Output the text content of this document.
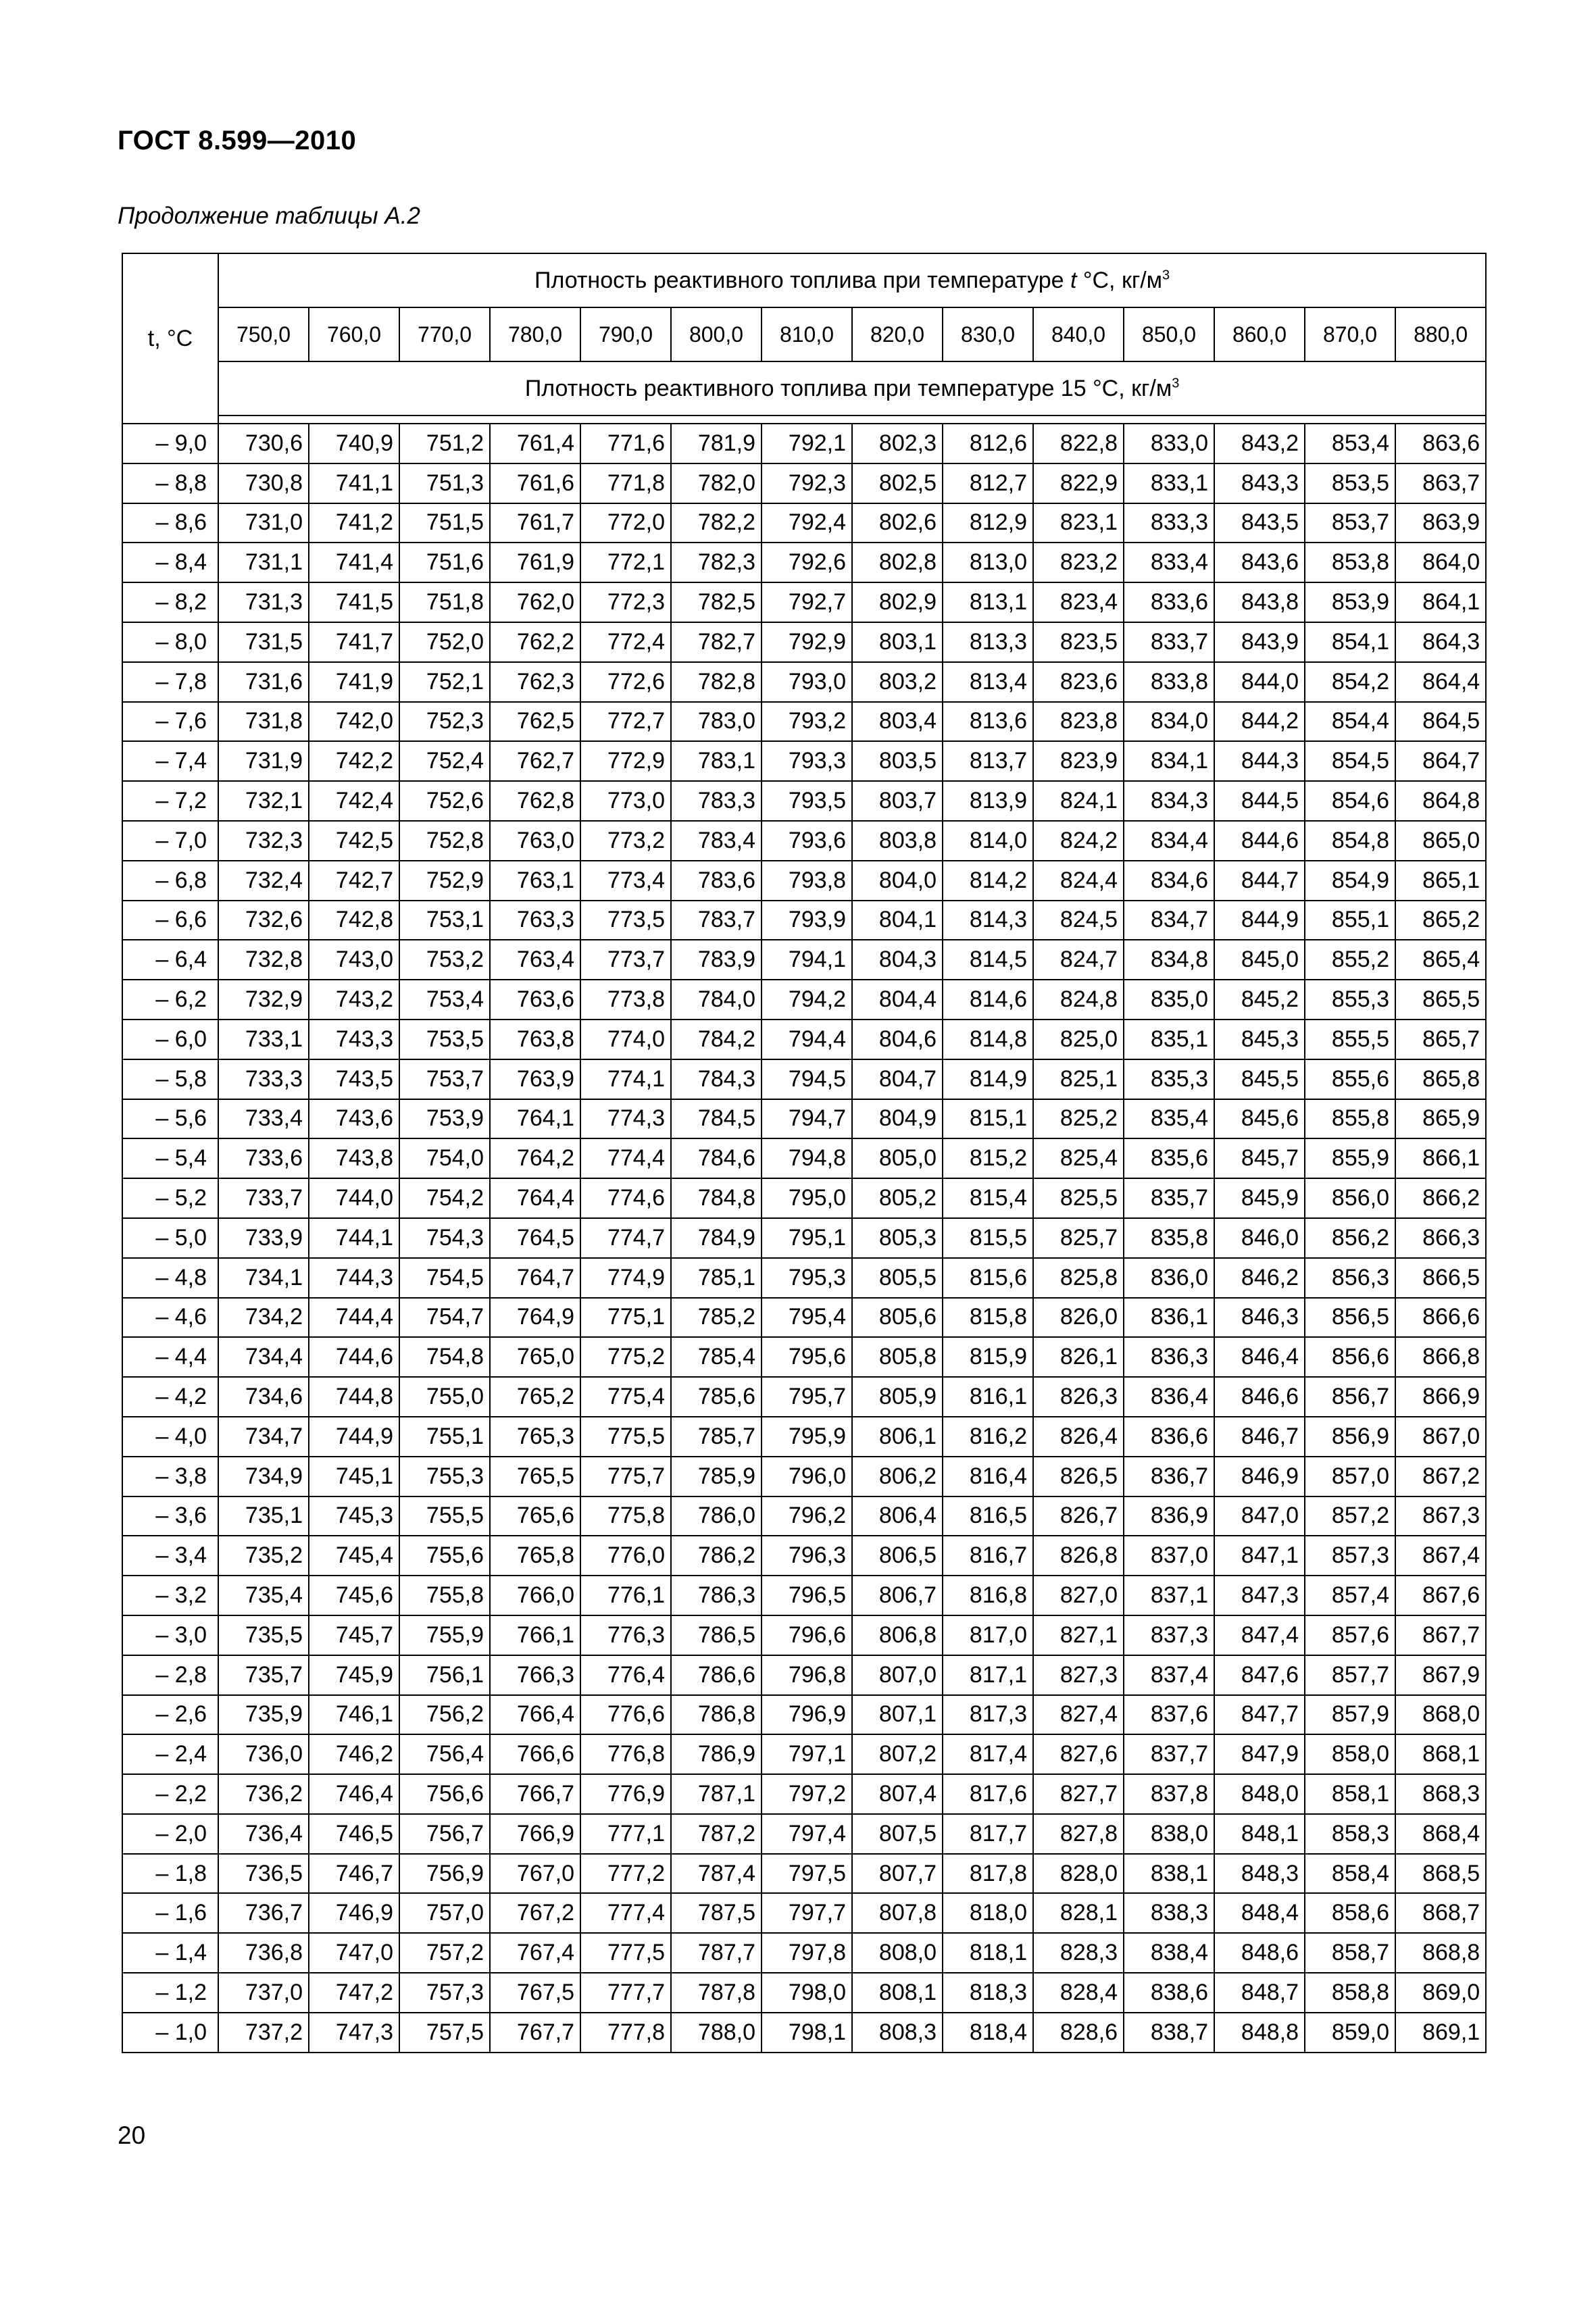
ГОСТ 8.599—2010
Продолжение таблицы А.2
t, °C	Плотность реактивного топлива при температуре t °С, $кг/м^3$
	750,0	760,0	770,0	780,0	790,0	800,0	810,0	820,0	830,0	840,0	850,0	860,0	870,0	880,0
	Плотность реактивного топлива при температуре 15 °С, $кг/м^3$

– 9,0	730,6	740,9	751,2	761,4	771,6	781,9	792,1	802,3	812,6	822,8	833,0	843,2	853,4	863,6
– 8,8	730,8	741,1	751,3	761,6	771,8	782,0	792,3	802,5	812,7	822,9	833,1	843,3	853,5	863,7
– 8,6	731,0	741,2	751,5	761,7	772,0	782,2	792,4	802,6	812,9	823,1	833,3	843,5	853,7	863,9
– 8,4	731,1	741,4	751,6	761,9	772,1	782,3	792,6	802,8	813,0	823,2	833,4	843,6	853,8	864,0
– 8,2	731,3	741,5	751,8	762,0	772,3	782,5	792,7	802,9	813,1	823,4	833,6	843,8	853,9	864,1
– 8,0	731,5	741,7	752,0	762,2	772,4	782,7	792,9	803,1	813,3	823,5	833,7	843,9	854,1	864,3
– 7,8	731,6	741,9	752,1	762,3	772,6	782,8	793,0	803,2	813,4	823,6	833,8	844,0	854,2	864,4
– 7,6	731,8	742,0	752,3	762,5	772,7	783,0	793,2	803,4	813,6	823,8	834,0	844,2	854,4	864,5
– 7,4	731,9	742,2	752,4	762,7	772,9	783,1	793,3	803,5	813,7	823,9	834,1	844,3	854,5	864,7
– 7,2	732,1	742,4	752,6	762,8	773,0	783,3	793,5	803,7	813,9	824,1	834,3	844,5	854,6	864,8
– 7,0	732,3	742,5	752,8	763,0	773,2	783,4	793,6	803,8	814,0	824,2	834,4	844,6	854,8	865,0
– 6,8	732,4	742,7	752,9	763,1	773,4	783,6	793,8	804,0	814,2	824,4	834,6	844,7	854,9	865,1
– 6,6	732,6	742,8	753,1	763,3	773,5	783,7	793,9	804,1	814,3	824,5	834,7	844,9	855,1	865,2
– 6,4	732,8	743,0	753,2	763,4	773,7	783,9	794,1	804,3	814,5	824,7	834,8	845,0	855,2	865,4
– 6,2	732,9	743,2	753,4	763,6	773,8	784,0	794,2	804,4	814,6	824,8	835,0	845,2	855,3	865,5
– 6,0	733,1	743,3	753,5	763,8	774,0	784,2	794,4	804,6	814,8	825,0	835,1	845,3	855,5	865,7
– 5,8	733,3	743,5	753,7	763,9	774,1	784,3	794,5	804,7	814,9	825,1	835,3	845,5	855,6	865,8
– 5,6	733,4	743,6	753,9	764,1	774,3	784,5	794,7	804,9	815,1	825,2	835,4	845,6	855,8	865,9
– 5,4	733,6	743,8	754,0	764,2	774,4	784,6	794,8	805,0	815,2	825,4	835,6	845,7	855,9	866,1
– 5,2	733,7	744,0	754,2	764,4	774,6	784,8	795,0	805,2	815,4	825,5	835,7	845,9	856,0	866,2
– 5,0	733,9	744,1	754,3	764,5	774,7	784,9	795,1	805,3	815,5	825,7	835,8	846,0	856,2	866,3
– 4,8	734,1	744,3	754,5	764,7	774,9	785,1	795,3	805,5	815,6	825,8	836,0	846,2	856,3	866,5
– 4,6	734,2	744,4	754,7	764,9	775,1	785,2	795,4	805,6	815,8	826,0	836,1	846,3	856,5	866,6
– 4,4	734,4	744,6	754,8	765,0	775,2	785,4	795,6	805,8	815,9	826,1	836,3	846,4	856,6	866,8
– 4,2	734,6	744,8	755,0	765,2	775,4	785,6	795,7	805,9	816,1	826,3	836,4	846,6	856,7	866,9
– 4,0	734,7	744,9	755,1	765,3	775,5	785,7	795,9	806,1	816,2	826,4	836,6	846,7	856,9	867,0
– 3,8	734,9	745,1	755,3	765,5	775,7	785,9	796,0	806,2	816,4	826,5	836,7	846,9	857,0	867,2
– 3,6	735,1	745,3	755,5	765,6	775,8	786,0	796,2	806,4	816,5	826,7	836,9	847,0	857,2	867,3
– 3,4	735,2	745,4	755,6	765,8	776,0	786,2	796,3	806,5	816,7	826,8	837,0	847,1	857,3	867,4
– 3,2	735,4	745,6	755,8	766,0	776,1	786,3	796,5	806,7	816,8	827,0	837,1	847,3	857,4	867,6
– 3,0	735,5	745,7	755,9	766,1	776,3	786,5	796,6	806,8	817,0	827,1	837,3	847,4	857,6	867,7
– 2,8	735,7	745,9	756,1	766,3	776,4	786,6	796,8	807,0	817,1	827,3	837,4	847,6	857,7	867,9
– 2,6	735,9	746,1	756,2	766,4	776,6	786,8	796,9	807,1	817,3	827,4	837,6	847,7	857,9	868,0
– 2,4	736,0	746,2	756,4	766,6	776,8	786,9	797,1	807,2	817,4	827,6	837,7	847,9	858,0	868,1
– 2,2	736,2	746,4	756,6	766,7	776,9	787,1	797,2	807,4	817,6	827,7	837,8	848,0	858,1	868,3
– 2,0	736,4	746,5	756,7	766,9	777,1	787,2	797,4	807,5	817,7	827,8	838,0	848,1	858,3	868,4
– 1,8	736,5	746,7	756,9	767,0	777,2	787,4	797,5	807,7	817,8	828,0	838,1	848,3	858,4	868,5
– 1,6	736,7	746,9	757,0	767,2	777,4	787,5	797,7	807,8	818,0	828,1	838,3	848,4	858,6	868,7
– 1,4	736,8	747,0	757,2	767,4	777,5	787,7	797,8	808,0	818,1	828,3	838,4	848,6	858,7	868,8
– 1,2	737,0	747,2	757,3	767,5	777,7	787,8	798,0	808,1	818,3	828,4	838,6	848,7	858,8	869,0
– 1,0	737,2	747,3	757,5	767,7	777,8	788,0	798,1	808,3	818,4	828,6	838,7	848,8	859,0	869,1
20
